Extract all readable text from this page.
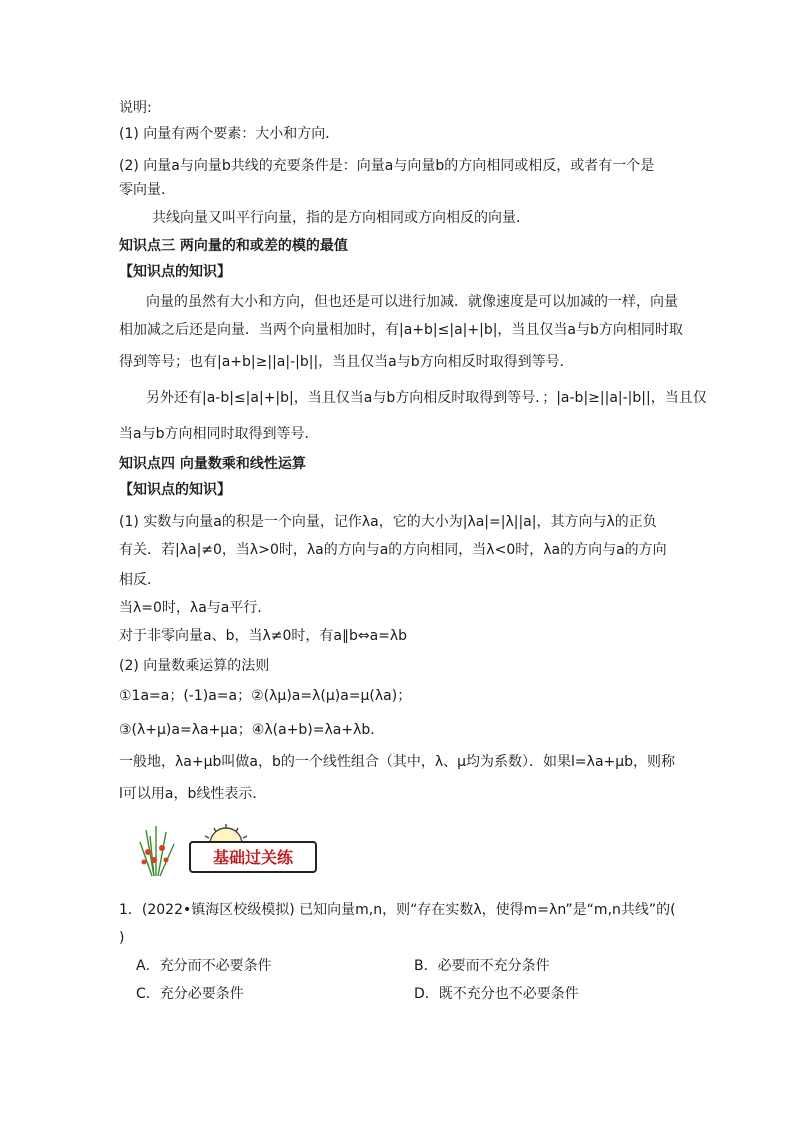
说明:
(1) 向量有两个要素：大小和方向．
(2) 向量a与向量b共线的充要条件是：向量a与向量b的方向相同或相反，或者有一个是
零向量．
共线向量又叫平行向量，指的是方向相同或方向相反的向量．
知识点三 两向量的和或差的模的最值
【知识点的知识】
向量的虽然有大小和方向，但也还是可以进行加减．就像速度是可以加减的一样，向量
相加减之后还是向量．当两个向量相加时，有|a+b|≤|a|+|b|，当且仅当a与b方向相同时取
得到等号；也有|a+b|≥||a|-|b||，当且仅当a与b方向相反时取得到等号．
另外还有|a-b|≤|a|+|b|，当且仅当a与b方向相反时取得到等号．；|a-b|≥||a|-|b||，当且仅
当a与b方向相同时取得到等号．
知识点四 向量数乘和线性运算
【知识点的知识】
(1) 实数与向量a的积是一个向量，记作λa，它的大小为|λa|=|λ||a|，其方向与λ的正负
有关．若|λa|≠0，当λ>0时，λa的方向与a的方向相同，当λ<0时，λa的方向与a的方向
相反．
当λ=0时，λa与a平行．
对于非零向量a、b，当λ≠0时，有a∥b⇔a=λb
(2) 向量数乘运算的法则
①1a=a；(-1)a=a；②(λμ)a=λ(μ)a=μ(λa)；
③(λ+μ)a=λa+μa；④λ(a+b)=λa+λb．
一般地，λa+μb叫做a，b的一个线性组合（其中，λ、μ均为系数）．如果l=λa+μb，则称
l可以用a，b线性表示．
基础过关练
1．(2022•镇海区校级模拟) 已知向量m,n，则“存在实数λ，使得m=λn”是“m,n共线”的(
)
A．充分而不必要条件	B．必要而不充分条件
C．充分必要条件	D．既不充分也不必要条件
